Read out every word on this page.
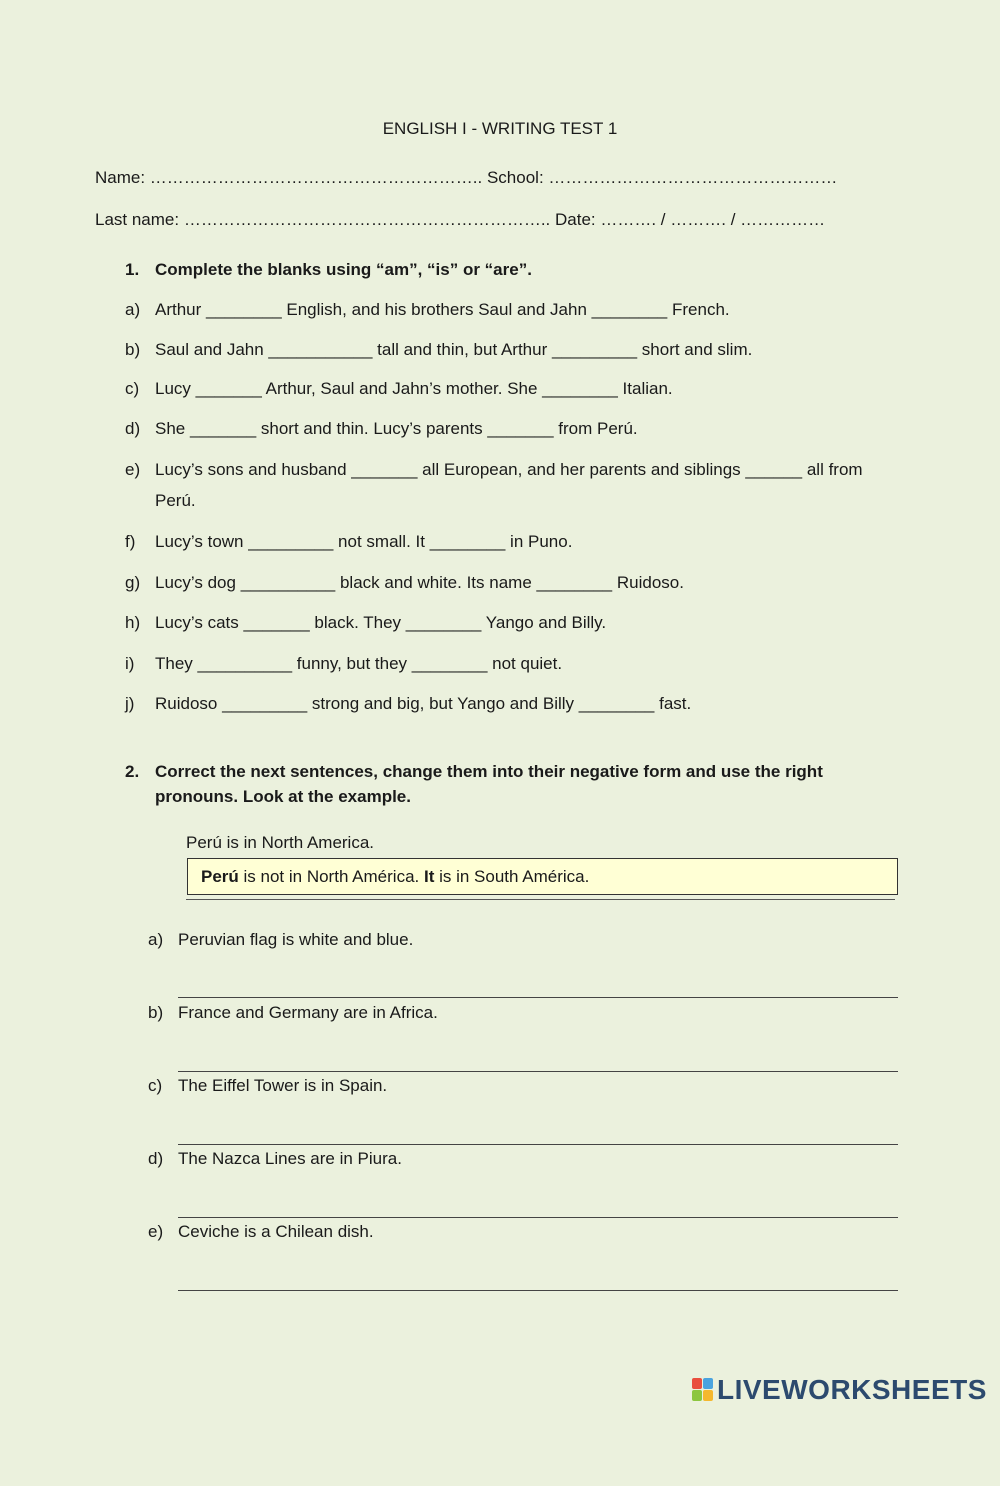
ENGLISH I - WRITING TEST 1
Name: ………………………………………………….. School: ……………………………………………
Last name: ……………………………………………………….. Date: ………. / ………. / ……………
1. Complete the blanks using “am”, “is” or “are”.

a)

Arthur ________ English, and his brothers Saul and Jahn ________ French.

b)

Saul and Jahn ___________ tall and thin, but Arthur _________ short and slim.

c)

Lucy _______ Arthur, Saul and Jahn’s mother. She ________ Italian.

d)

She _______ short and thin. Lucy’s parents _______ from Perú.

e)

Lucy’s sons and husband _______ all European, and her parents and siblings ______ all from Perú.

f)

Lucy’s town _________ not small. It ________ in Puno.

g)

Lucy’s dog __________ black and white. Its name ________ Ruidoso.

h)

Lucy’s cats _______ black. They ________ Yango and Billy.

i)

They __________ funny, but they ________ not quiet.

j)

Ruidoso _________ strong and big, but Yango and Billy ________ fast.

2. Correct the next sentences, change them into their negative form and use the right pronouns. Look at the example.
Perú is in North America.

Perú is not in North América. It is in South América.

a)

Peruvian flag is white and blue.

b)

France and Germany are in Africa.

c)

The Eiffel Tower is in Spain.

d)

The Nazca Lines are in Piura.

e)

Ceviche is a Chilean dish.

LIVEWORKSHEETS
